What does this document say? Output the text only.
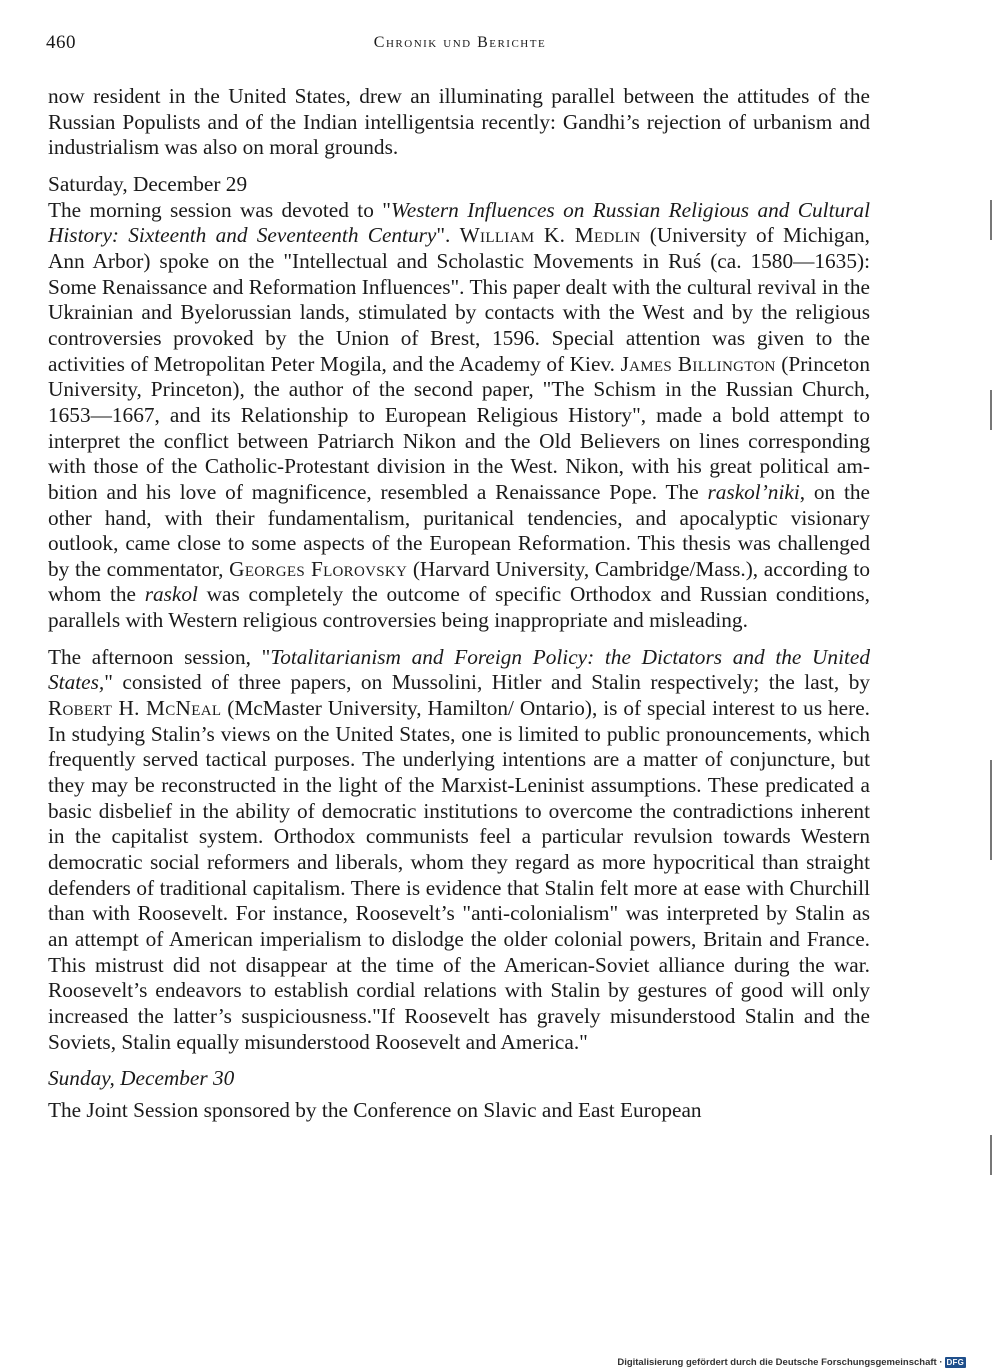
460	Chronik und Berichte

now resident in the United States, drew an illuminating parallel between the attitudes of the Russian Populists and of the Indian intelligentsia recently: Gandhi’s rejection of urbanism and industrialism was also on moral grounds.

Saturday, December 29

The morning session was devoted to "Western Influences on Russian Religious and Cultural History: Sixteenth and Seventeenth Century". William K. Medlin (University of Michigan, Ann Arbor) spoke on the "Intellectual and Scholastic Movements in Ruś (ca. 1580—1635): Some Renaissance and Reformation Influences". This paper dealt with the cultural revival in the Ukrainian and Byelorussian lands, stimulated by contacts with the West and by the religious controversies provoked by the Union of Brest, 1596. Special attention was given to the activities of Metropolitan Peter Mogila, and the Academy of Kiev. James Billington (Princeton University, Princeton), the author of the second paper, "The Schism in the Russian Church, 1653—1667, and its Relationship to European Religious History", made a bold attempt to interpret the conflict between Patriarch Nikon and the Old Believers on lines corresponding with those of the Catholic-Protestant division in the West. Nikon, with his great political ambition and his love of magnificence, resembled a Renaissance Pope. The raskol’niki, on the other hand, with their fundamentalism, puritanical tendencies, and apocalyptic visionary outlook, came close to some aspects of the European Reformation. This thesis was challenged by the commentator, Georges Florovsky (Harvard University, Cambridge/Mass.), according to whom the raskol was completely the outcome of specific Orthodox and Russian conditions, parallels with Western religious controversies being inappropriate and misleading.

The afternoon session, "Totalitarianism and Foreign Policy: the Dictators and the United States," consisted of three papers, on Mussolini, Hitler and Stalin respectively; the last, by Robert H. McNeal (McMaster University, Hamilton/ Ontario), is of special interest to us here. In studying Stalin’s views on the United States, one is limited to public pronouncements, which frequently served tactical purposes. The underlying intentions are a matter of conjuncture, but they may be reconstructed in the light of the Marxist-Leninist assumptions. These predicated a basic disbelief in the ability of democratic institutions to overcome the contradictions inherent in the capitalist system. Orthodox communists feel a particular revulsion towards Western democratic social reformers and liberals, whom they regard as more hypocritical than straight defenders of traditional capitalism. There is evidence that Stalin felt more at ease with Churchill than with Roosevelt. For instance, Roosevelt’s "anti-colonialism" was interpreted by Stalin as an attempt of American imperialism to dislodge the older colonial powers, Britain and France. This mistrust did not disappear at the time of the American-Soviet alliance during the war. Roosevelt’s endeavors to establish cordial relations with Stalin by gestures of good will only increased the latter’s suspiciousness."If Roosevelt has gravely misunderstood Stalin and the Soviets, Stalin equally misunderstood Roosevelt and America."

Sunday, December 30

The Joint Session sponsored by the Conference on Slavic and East European

Digitalisierung gefördert durch die Deutsche Forschungsgemeinschaft · DFG
